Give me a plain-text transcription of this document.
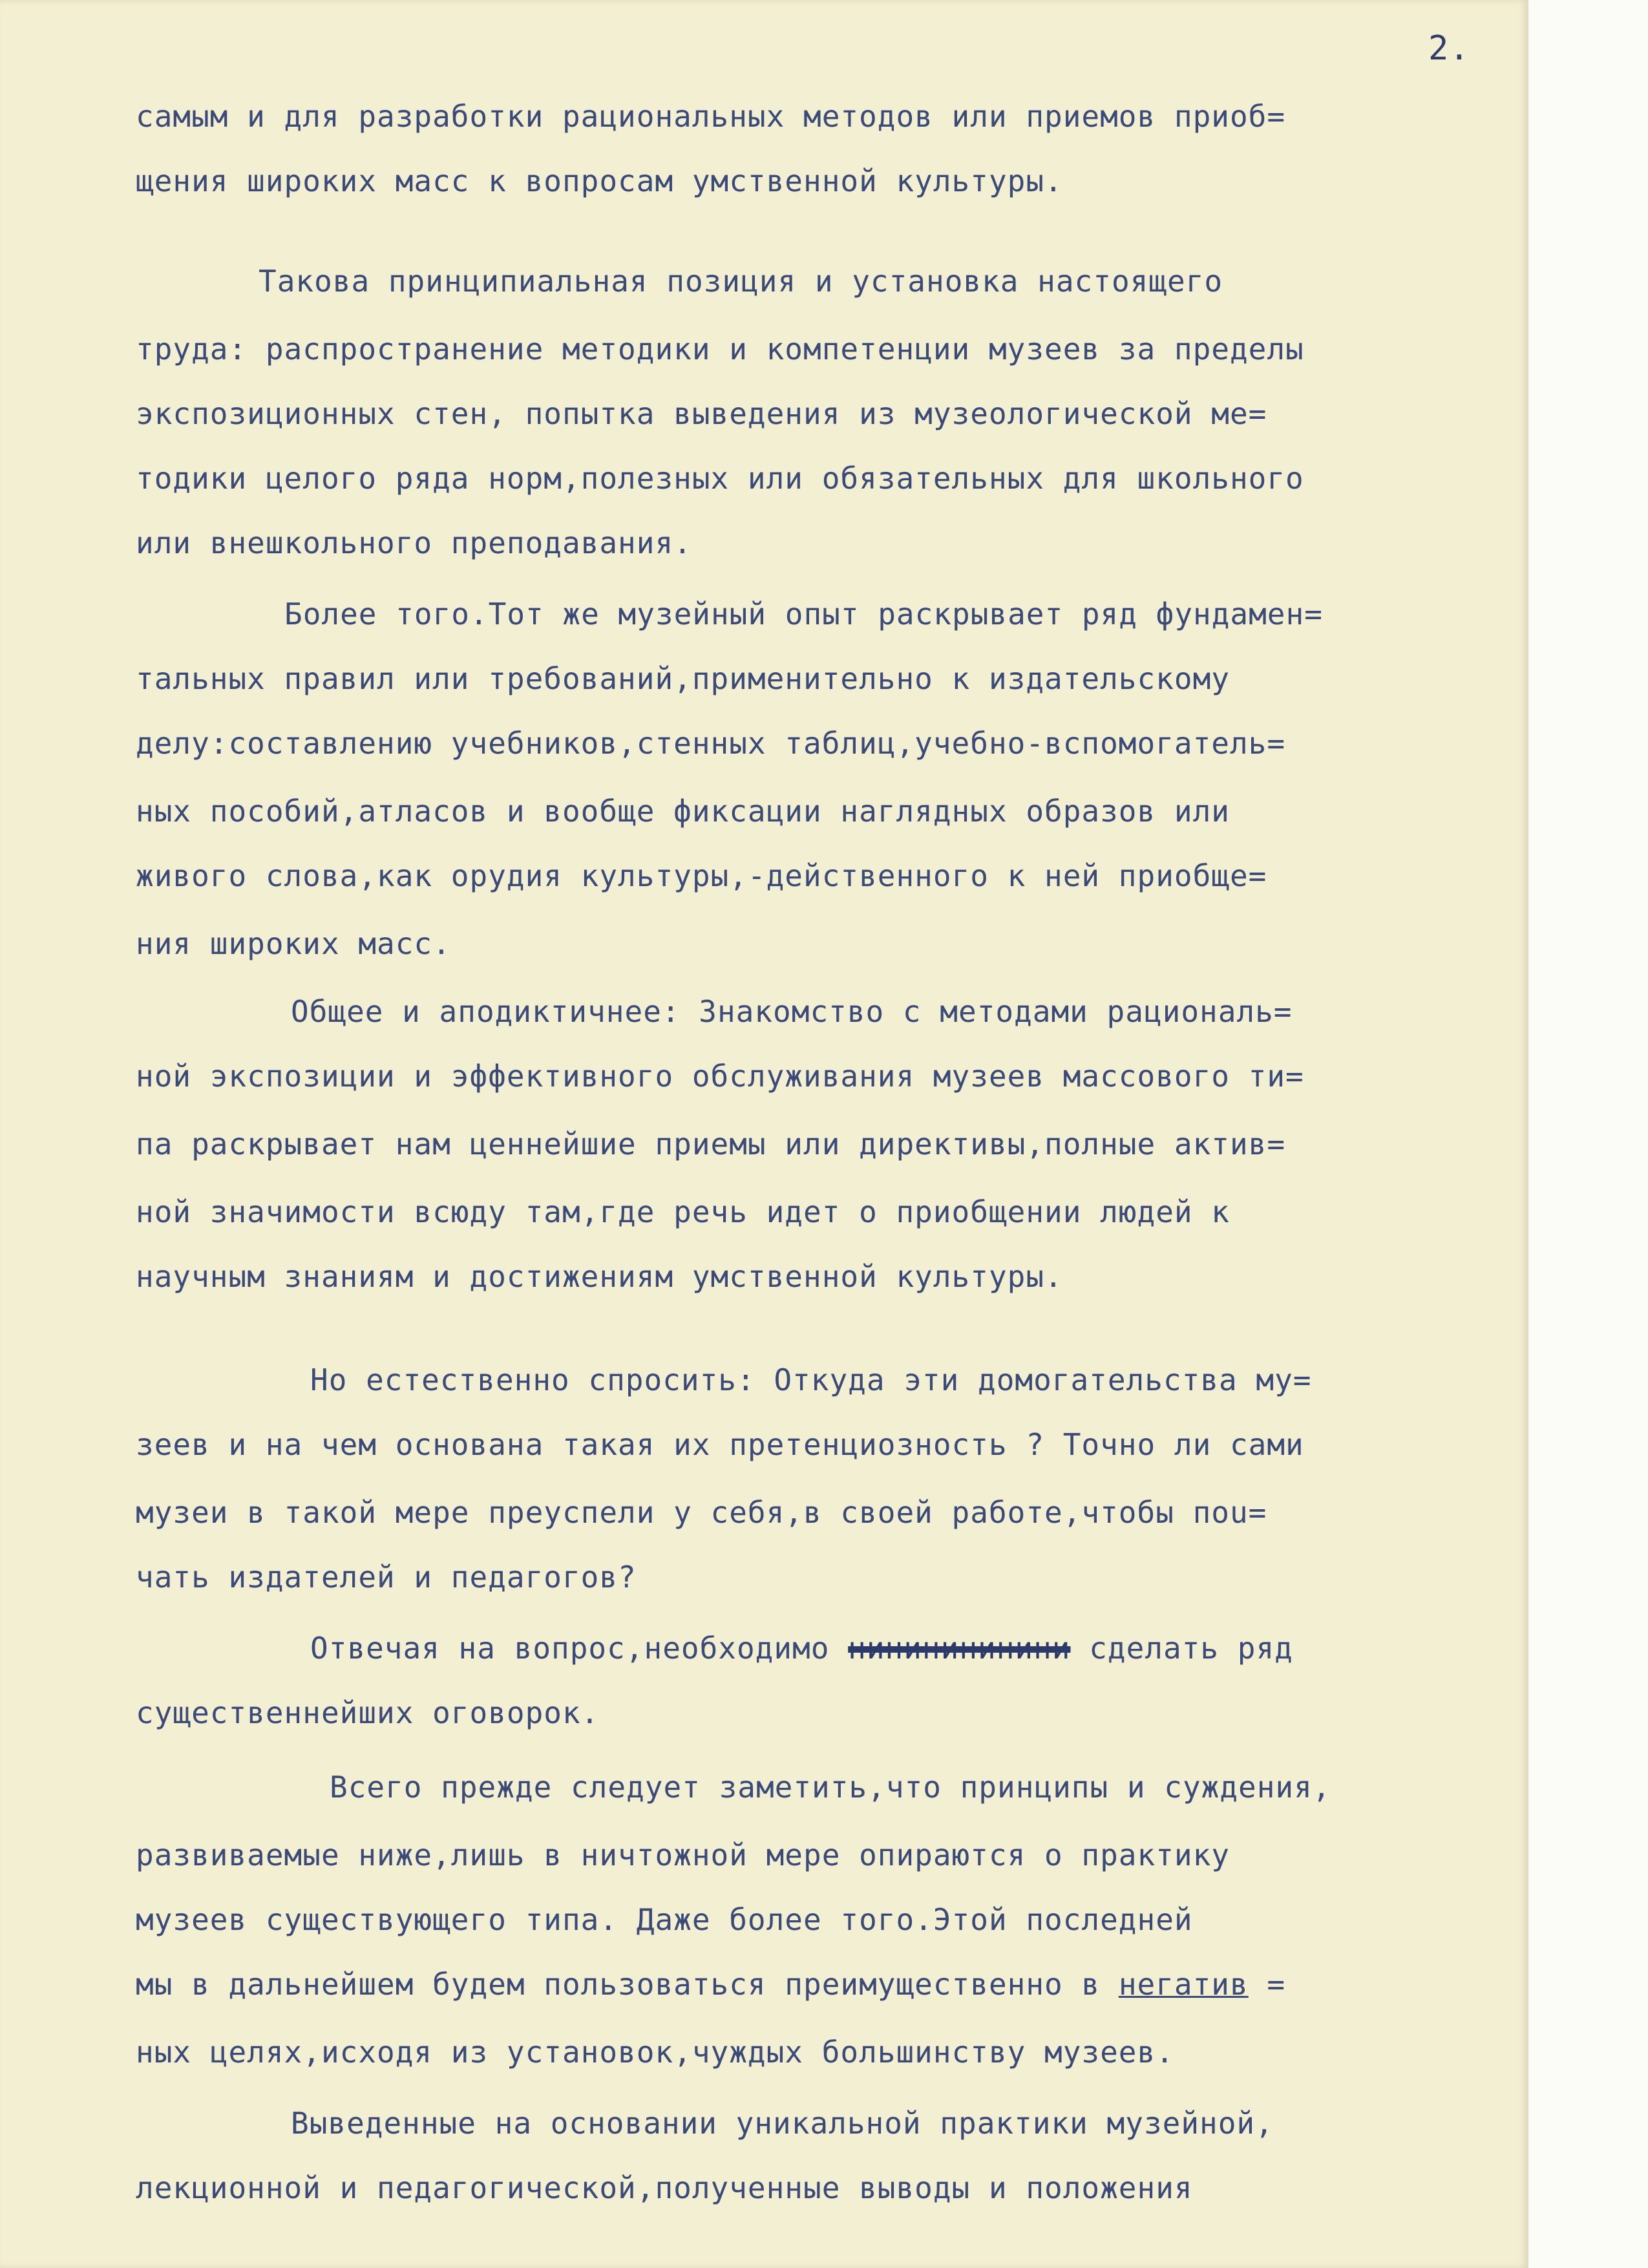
2.

самым и для разработки рациональных методов или приемов приоб=

щения широких масс к вопросам умственной культуры.

Такова принципиальная позиция и установка настоящего

труда: распространение методики и компетенции музеев за пределы

экспозиционных стен, попытка выведения из музеологической ме=

тодики целого ряда норм,полезных или обязательных для школьного

или внешкольного преподавания.

Более того.Тот же музейный опыт раскрывает ряд фундамен=

тальных правил или требований,применительно к издательскому

делу:составлению учебников,стенных таблиц,учебно-вспомогатель=

ных пособий,атласов и вообще фиксации наглядных образов или

живого слова,как орудия культуры,-действенного к ней приобще=

ния широких масс.

Общее и аподиктичнее: Знакомство с методами рациональ=

ной экспозиции и эффективного обслуживания музеев массового ти=

па раскрывает нам ценнейшие приемы или директивы,полные актив=

ной значимости всюду там,где речь идет о приобщении людей к

научным знаниям и достижениям умственной культуры.

Но естественно спросить: Откуда эти домогательства му=

зеев и на чем основана такая их претенциозность ? Точно ли сами

музеи в такой мере преуспели у себя,в своей работе,чтобы пou=

чать издателей и педагогов?

Отвечая на вопрос,необходимо нининининини сделать ряд

существеннейших оговорок.

Всего прежде следует заметить,что принципы и суждения,

развиваемые ниже,лишь в ничтожной мере опираются о практику

музеев существующего типа. Даже более того.Этой последней

мы в дальнейшем будем пользоваться преимущественно в негатив =

ных целях,исходя из установок,чуждых большинству музеев.

Выведенные на основании уникальной практики музейной,

лекционной и педагогической,полученные выводы и положения
